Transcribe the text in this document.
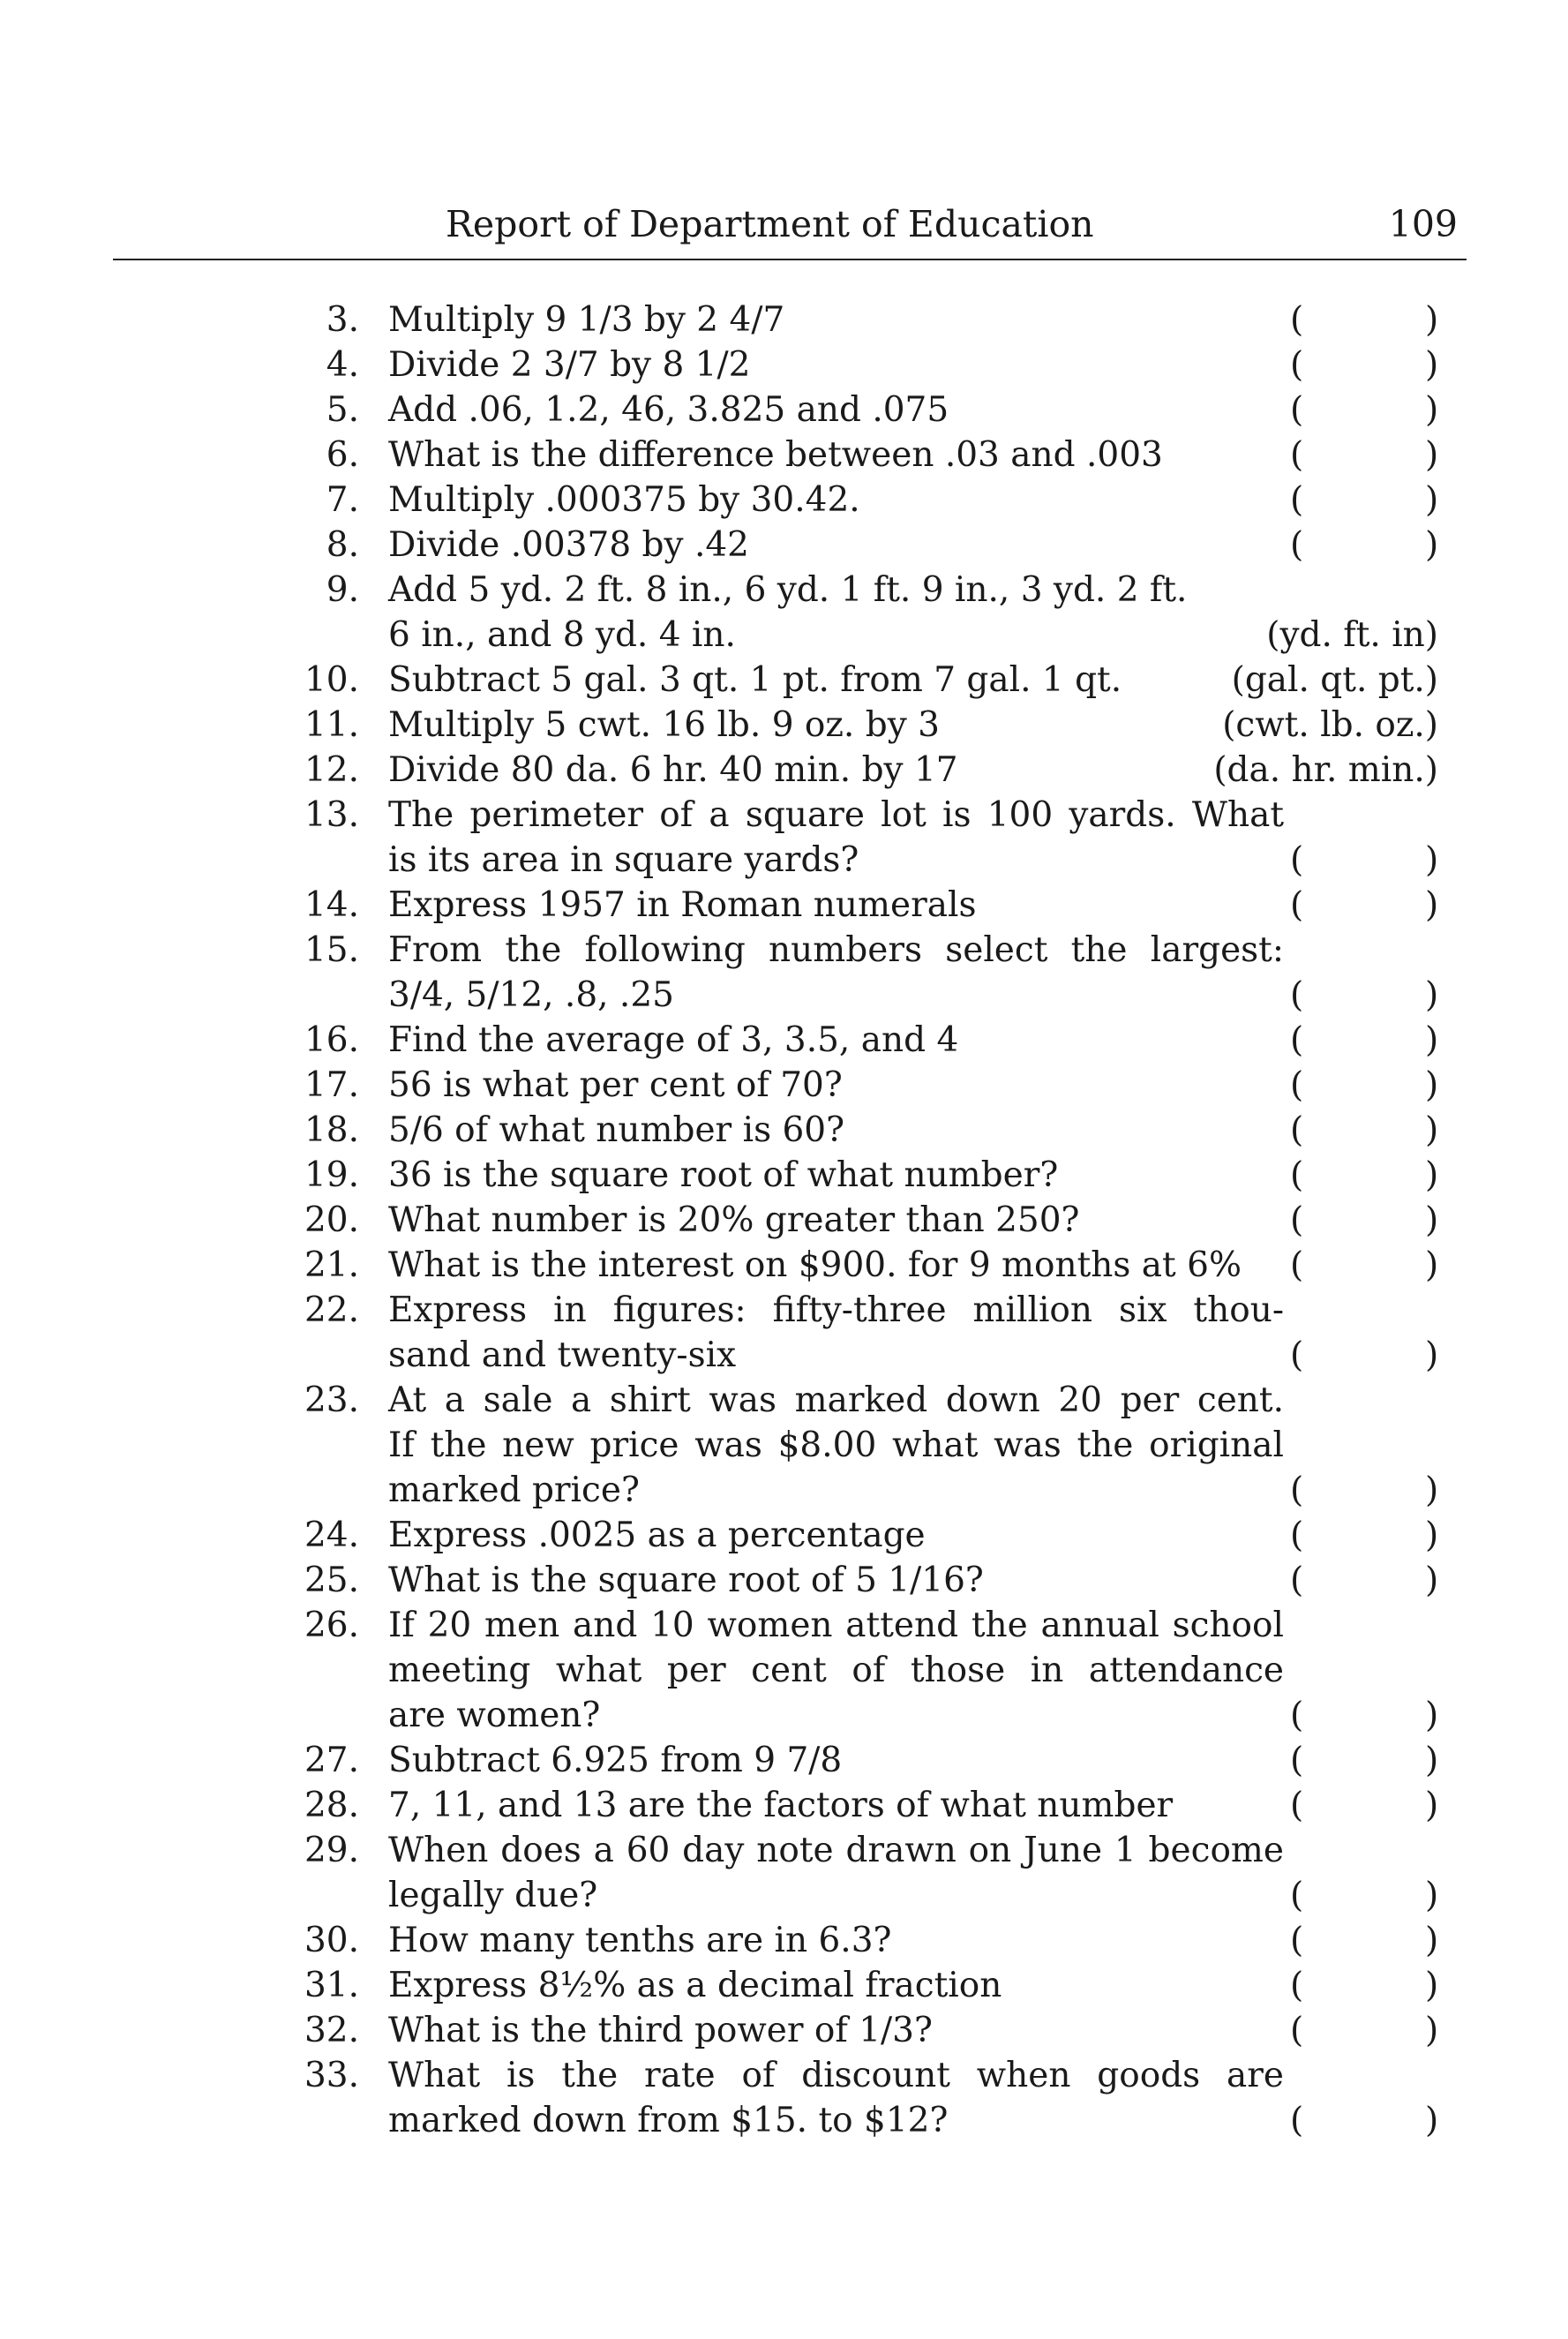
Report of Department of Education	109
3. Multiply 9 1/3 by 2 4/7	(	)
4. Divide 2 3/7 by 8 1/2	(	)
5. Add .06, 1.2, 46, 3.825 and .075	(	)
6. What is the difference between .03 and .003	(	)
7. Multiply .000375 by 30.42.	(	)
8. Divide .00378 by .42	(	)
9. Add 5 yd. 2 ft. 8 in., 6 yd. 1 ft. 9 in., 3 yd. 2 ft.
6 in., and 8 yd. 4 in.	(yd. ft. in)
10. Subtract 5 gal. 3 qt. 1 pt. from 7 gal. 1 qt.	(gal. qt. pt.)
11. Multiply 5 cwt. 16 lb. 9 oz. by 3	(cwt. lb. oz.)
12. Divide 80 da. 6 hr. 40 min. by 17	(da. hr. min.)
13. The perimeter of a square lot is 100 yards. What
is its area in square yards?	(	)
14. Express 1957 in Roman numerals	(	)
15. From the following numbers select the largest:
3/4, 5/12, .8, .25	(	)
16. Find the average of 3, 3.5, and 4	(	)
17. 56 is what per cent of 70?	(	)
18. 5/6 of what number is 60?	(	)
19. 36 is the square root of what number?	(	)
20. What number is 20% greater than 250?	(	)
21. What is the interest on $900. for 9 months at 6%	(	)
22. Express in figures: fifty-three million six thou-
sand and twenty-six	(	)
23. At a sale a shirt was marked down 20 per cent.
If the new price was $8.00 what was the original
marked price?	(	)
24. Express .0025 as a percentage	(	)
25. What is the square root of 5 1/16?	(	)
26. If 20 men and 10 women attend the annual school
meeting what per cent of those in attendance
are women?	(	)
27. Subtract 6.925 from 9 7/8	(	)
28. 7, 11, and 13 are the factors of what number	(	)
29. When does a 60 day note drawn on June 1 become
legally due?	(	)
30. How many tenths are in 6.3?	(	)
31. Express 8½% as a decimal fraction	(	)
32. What is the third power of 1/3?	(	)
33. What is the rate of discount when goods are
marked down from $15. to $12?	(	)
